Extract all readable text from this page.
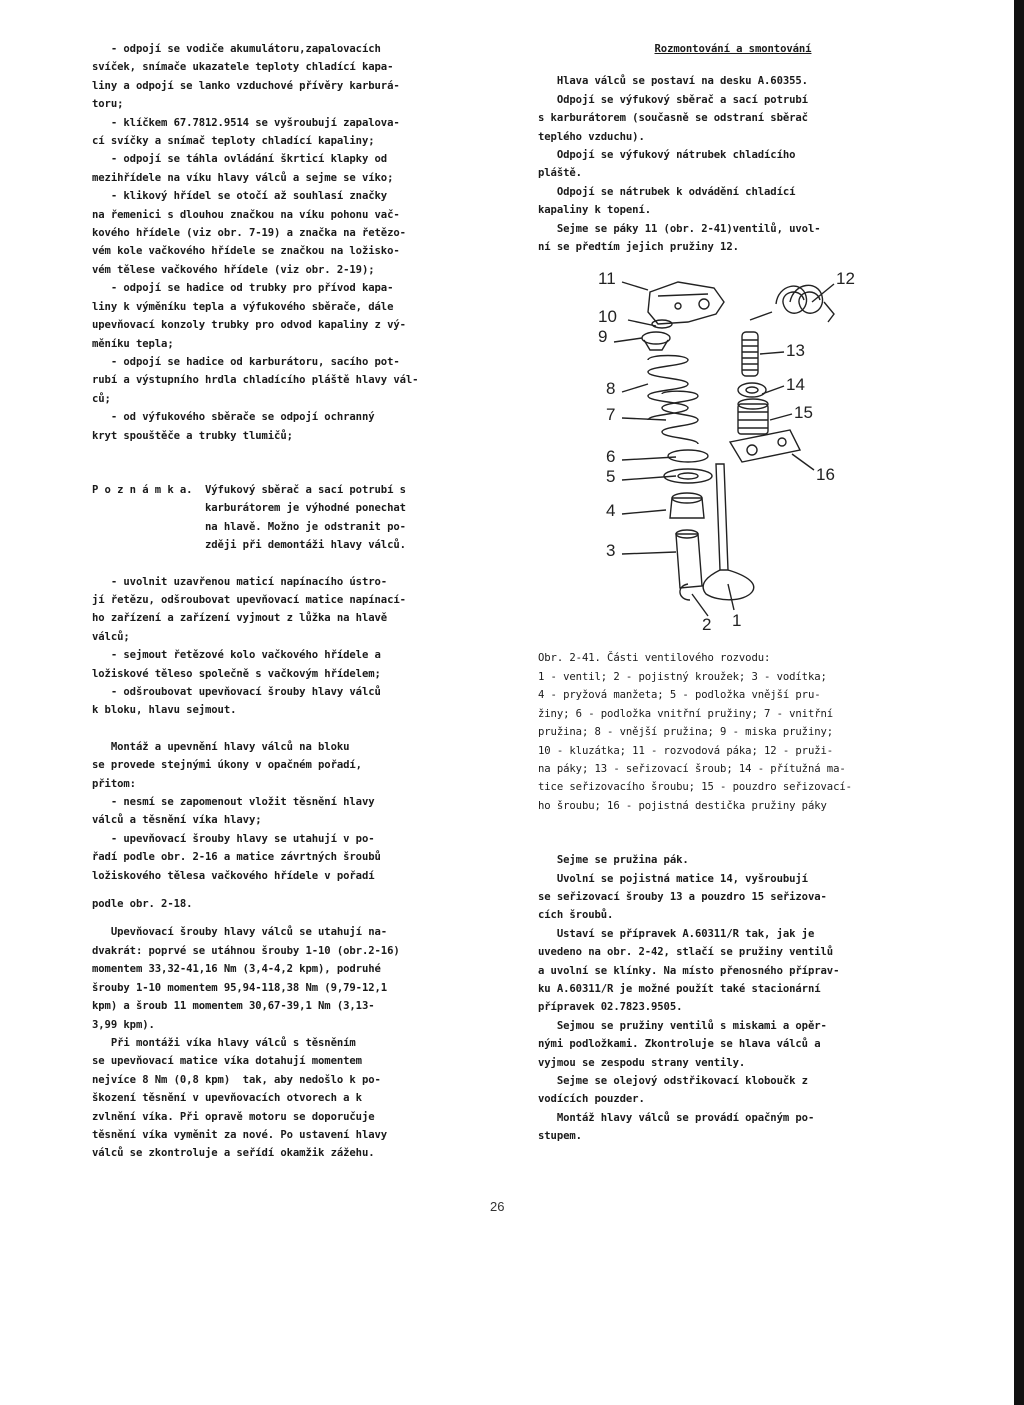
- odpojí se vodiče akumulátoru,zapalovacích

svíček, snímače ukazatele teploty chladící kapa-

liny a odpojí se lanko vzduchové přívěry karburá-

toru;

- klíčkem 67.7812.9514 se vyšroubují zapalova-

cí svíčky a snímač teploty chladící kapaliny;

- odpojí se táhla ovládání škrticí klapky od

mezihřídele na víku hlavy válců a sejme se víko;

- klikový hřídel se otočí až souhlasí značky

na řemenici s dlouhou značkou na víku pohonu vač-

kového hřídele (viz obr. 7-19) a značka na řetězo-

vém kole vačkového hřídele se značkou na ložisko-

vém tělese vačkového hřídele (viz obr. 2-19);

- odpojí se hadice od trubky pro přívod kapa-

liny k výměníku tepla a výfukového sběrače, dále

upevňovací konzoly trubky pro odvod kapaliny z vý-

měníku tepla;

- odpojí se hadice od karburátoru, sacího pot-

rubí a výstupního hrdla chladícího pláště hlavy vál-

ců;

- od výfukového sběrače se odpojí ochranný

kryt spouštěče a trubky tlumičů;

P o z n á m k a.  Výfukový sběrač a sací potrubí s

karburátorem je výhodné ponechat

na hlavě. Možno je odstranit po-

zději při demontáži hlavy válců.

- uvolnit uzavřenou maticí napínacího ústro-

jí řetězu, odšroubovat upevňovací matice napínací-

ho zařízení a zařízení vyjmout z lůžka na hlavě

válců;

- sejmout řetězové kolo vačkového hřídele a

ložiskové těleso společně s vačkovým hřídelem;

- odšroubovat upevňovací šrouby hlavy válců

k bloku, hlavu sejmout.

Montáž a upevnění hlavy válců na bloku

se provede stejnými úkony v opačném pořadí,

přitom:

- nesmí se zapomenout vložit těsnění hlavy

válců a těsnění víka hlavy;

- upevňovací šrouby hlavy se utahují v po-

řadí podle obr. 2-16 a matice závrtných šroubů

ložiskového tělesa vačkového hřídele v pořadí

podle obr. 2-18.

Upevňovací šrouby hlavy válců se utahují na-

dvakrát: poprvé se utáhnou šrouby 1-10 (obr.2-16)

momentem 33,32-41,16 Nm (3,4-4,2 kpm), podruhé

šrouby 1-10 momentem 95,94-118,38 Nm (9,79-12,1

kpm) a šroub 11 momentem 30,67-39,1 Nm (3,13-

3,99 kpm).

Při montáži víka hlavy válců s těsněním

se upevňovací matice víka dotahují momentem

nejvíce 8 Nm (0,8 kpm)  tak, aby nedošlo k po-

škození těsnění v upevňovacích otvorech a k

zvlnění víka. Při opravě motoru se doporučuje

těsnění víka vyměnit za nové. Po ustavení hlavy

válců se zkontroluje a seřídí okamžik zážehu.

Rozmontování a smontování

Hlava válců se postaví na desku A.60355.

Odpojí se výfukový sběrač a sací potrubí

s karburátorem (současně se odstraní sběrač

teplého vzduchu).

Odpojí se výfukový nátrubek chladícího

pláště.

Odpojí se nátrubek k odvádění chladící

kapaliny k topení.

Sejme se páky 11 (obr. 2-41)ventilů, uvol-

ní se předtím jejich pružiny 12.

11
10
9
8
7
6
5
4
3
2 1
12
13
14
15
16

Obr. 2-41. Části ventilového rozvodu:

1 - ventil; 2 - pojistný kroužek; 3 - vodítka;

4 - pryžová manžeta; 5 - podložka vnější pru-

žiny; 6 - podložka vnitřní pružiny; 7 - vnitřní

pružina; 8 - vnější pružina; 9 - miska pružiny;

10 - kluzátka; 11 - rozvodová páka; 12 - pruži-

na páky; 13 - seřizovací šroub; 14 - přítužná ma-

tice seřizovacího šroubu; 15 - pouzdro seřizovací-

ho šroubu; 16 - pojistná destička pružiny páky

Sejme se pružina pák.

Uvolní se pojistná matice 14, vyšroubují

se seřizovací šrouby 13 a pouzdro 15 seřizova-

cích šroubů.

Ustaví se přípravek A.60311/R tak, jak je

uvedeno na obr. 2-42, stlačí se pružiny ventilů

a uvolní se klínky. Na místo přenosného příprav-

ku A.60311/R je možné použít také stacionární

přípravek 02.7823.9505.

Sejmou se pružiny ventilů s miskami a opěr-

nými podložkami. Zkontroluje se hlava válců a

vyjmou se zespodu strany ventily.

Sejme se olejový odstřikovací kloboučk z

vodících pouzder.

Montáž hlavy válců se provádí opačným po-

stupem.

26
